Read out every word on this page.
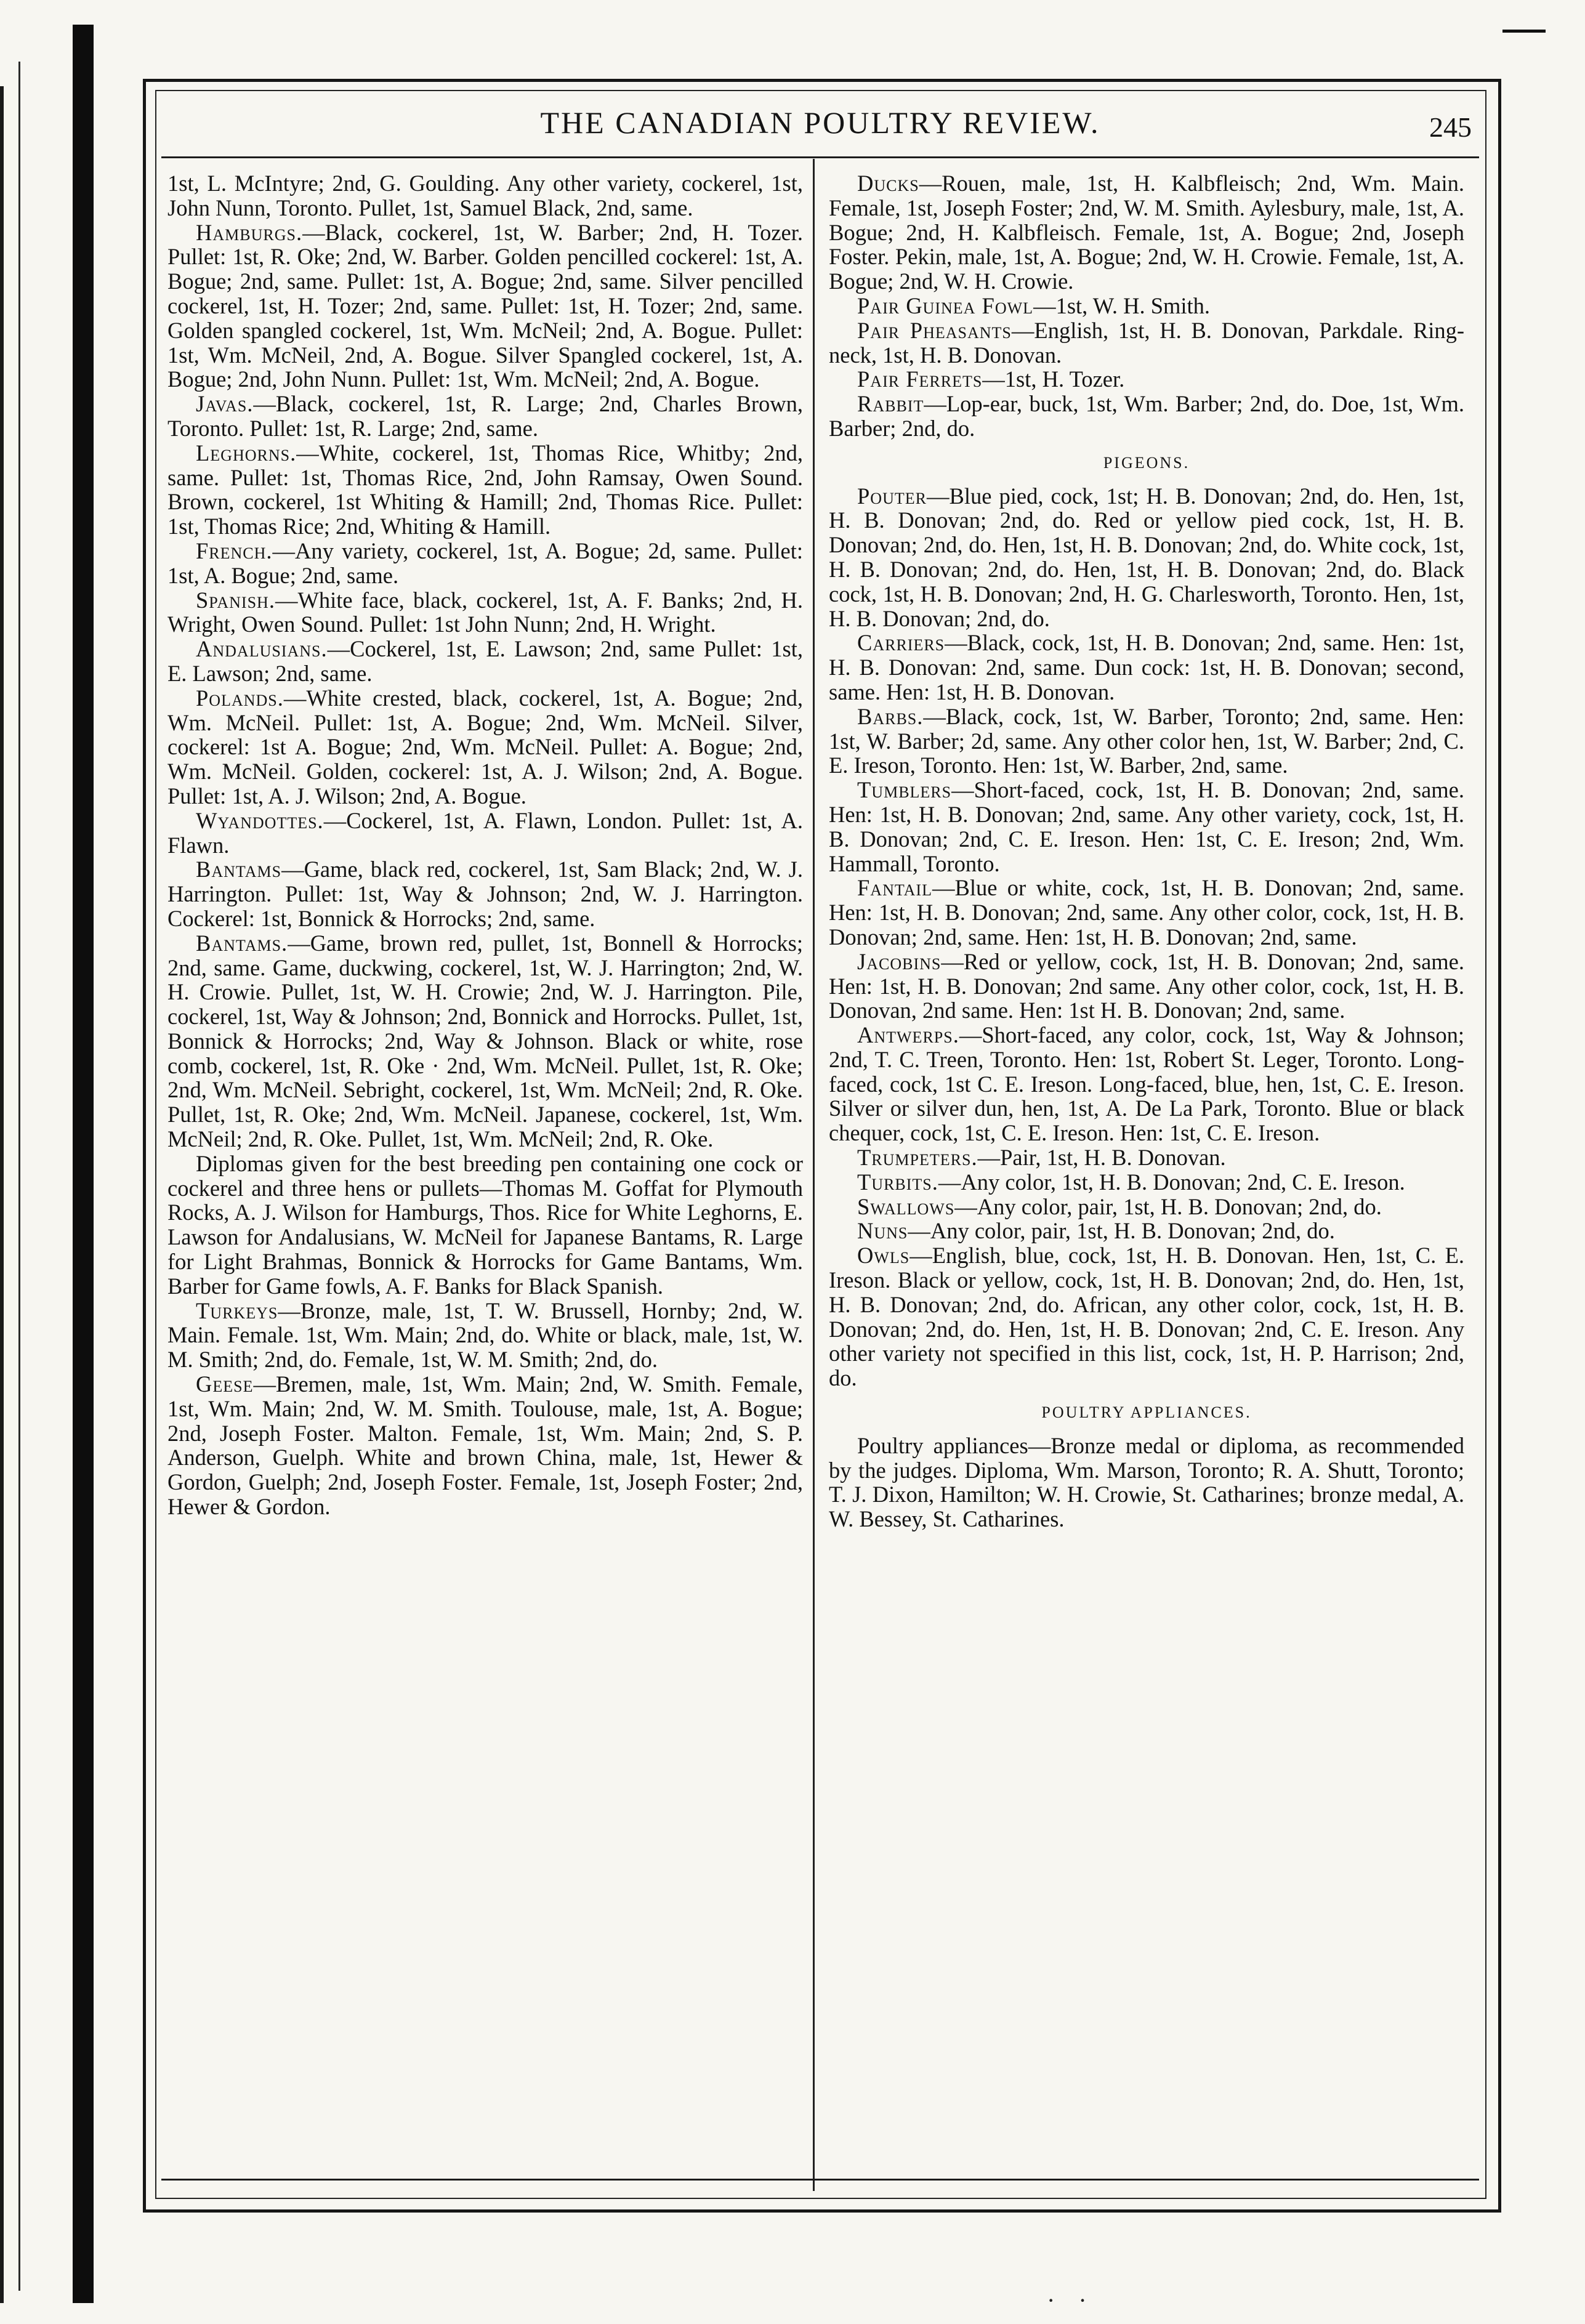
THE CANADIAN POULTRY REVIEW.	245

1st, L. McIntyre; 2nd, G. Goulding. Any other variety, cockerel, 1st, John Nunn, Toronto. Pullet, 1st, Samuel Black, 2nd, same.

Hamburgs.—Black, cockerel, 1st, W. Barber; 2nd, H. Tozer. Pullet: 1st, R. Oke; 2nd, W. Barber. Golden pencilled cockerel: 1st, A. Bogue; 2nd, same. Pullet: 1st, A. Bogue; 2nd, same. Silver pencilled cockerel, 1st, H. Tozer; 2nd, same. Pullet: 1st, H. Tozer; 2nd, same. Golden spangled cockerel, 1st, Wm. McNeil; 2nd, A. Bogue. Pullet: 1st, Wm. McNeil, 2nd, A. Bogue. Silver Spangled cockerel, 1st, A. Bogue; 2nd, John Nunn. Pullet: 1st, Wm. McNeil; 2nd, A. Bogue.

Javas.—Black, cockerel, 1st, R. Large; 2nd, Charles Brown, Toronto. Pullet: 1st, R. Large; 2nd, same.

Leghorns.—White, cockerel, 1st, Thomas Rice, Whitby; 2nd, same. Pullet: 1st, Thomas Rice, 2nd, John Ramsay, Owen Sound. Brown, cockerel, 1st Whiting & Hamill; 2nd, Thomas Rice. Pullet: 1st, Thomas Rice; 2nd, Whiting & Hamill.

French.—Any variety, cockerel, 1st, A. Bogue; 2d, same. Pullet: 1st, A. Bogue; 2nd, same.

Spanish.—White face, black, cockerel, 1st, A. F. Banks; 2nd, H. Wright, Owen Sound. Pullet: 1st John Nunn; 2nd, H. Wright.

Andalusians.—Cockerel, 1st, E. Lawson; 2nd, same Pullet: 1st, E. Lawson; 2nd, same.

Polands.—White crested, black, cockerel, 1st, A. Bogue; 2nd, Wm. McNeil. Pullet: 1st, A. Bogue; 2nd, Wm. McNeil. Silver, cockerel: 1st A. Bogue; 2nd, Wm. McNeil. Pullet: A. Bogue; 2nd, Wm. McNeil. Golden, cockerel: 1st, A. J. Wilson; 2nd, A. Bogue. Pullet: 1st, A. J. Wilson; 2nd, A. Bogue.

Wyandottes.—Cockerel, 1st, A. Flawn, London. Pullet: 1st, A. Flawn.

Bantams—Game, black red, cockerel, 1st, Sam Black; 2nd, W. J. Harrington. Pullet: 1st, Way & Johnson; 2nd, W. J. Harrington. Cockerel: 1st, Bonnick & Horrocks; 2nd, same.

Bantams.—Game, brown red, pullet, 1st, Bonnell & Horrocks; 2nd, same. Game, duckwing, cockerel, 1st, W. J. Harrington; 2nd, W. H. Crowie. Pullet, 1st, W. H. Crowie; 2nd, W. J. Harrington. Pile, cockerel, 1st, Way & Johnson; 2nd, Bonnick and Horrocks. Pullet, 1st, Bonnick & Horrocks; 2nd, Way & Johnson. Black or white, rose comb, cockerel, 1st, R. Oke · 2nd, Wm. McNeil. Pullet, 1st, R. Oke; 2nd, Wm. McNeil. Sebright, cockerel, 1st, Wm. McNeil; 2nd, R. Oke. Pullet, 1st, R. Oke; 2nd, Wm. McNeil. Japanese, cockerel, 1st, Wm. McNeil; 2nd, R. Oke. Pullet, 1st, Wm. McNeil; 2nd, R. Oke.

Diplomas given for the best breeding pen containing one cock or cockerel and three hens or pullets—Thomas M. Goffat for Plymouth Rocks, A. J. Wilson for Hamburgs, Thos. Rice for White Leghorns, E. Lawson for Andalusians, W. McNeil for Japanese Bantams, R. Large for Light Brahmas, Bonnick & Horrocks for Game Bantams, Wm. Barber for Game fowls, A. F. Banks for Black Spanish.

Turkeys—Bronze, male, 1st, T. W. Brussell, Hornby; 2nd, W. Main. Female. 1st, Wm. Main; 2nd, do. White or black, male, 1st, W. M. Smith; 2nd, do. Female, 1st, W. M. Smith; 2nd, do.

Geese—Bremen, male, 1st, Wm. Main; 2nd, W. Smith. Female, 1st, Wm. Main; 2nd, W. M. Smith. Toulouse, male, 1st, A. Bogue; 2nd, Joseph Foster. Malton. Female, 1st, Wm. Main; 2nd, S. P. Anderson, Guelph. White and brown China, male, 1st, Hewer & Gordon, Guelph; 2nd, Joseph Foster. Female, 1st, Joseph Foster; 2nd, Hewer & Gordon.

Ducks—Rouen, male, 1st, H. Kalbfleisch; 2nd, Wm. Main. Female, 1st, Joseph Foster; 2nd, W. M. Smith. Aylesbury, male, 1st, A. Bogue; 2nd, H. Kalbfleisch. Female, 1st, A. Bogue; 2nd, Joseph Foster. Pekin, male, 1st, A. Bogue; 2nd, W. H. Crowie. Female, 1st, A. Bogue; 2nd, W. H. Crowie.

Pair Guinea Fowl—1st, W. H. Smith.

Pair Pheasants—English, 1st, H. B. Donovan, Parkdale. Ring-neck, 1st, H. B. Donovan.

Pair Ferrets—1st, H. Tozer.

Rabbit—Lop-ear, buck, 1st, Wm. Barber; 2nd, do. Doe, 1st, Wm. Barber; 2nd, do.

PIGEONS.

Pouter—Blue pied, cock, 1st; H. B. Donovan; 2nd, do. Hen, 1st, H. B. Donovan; 2nd, do. Red or yellow pied cock, 1st, H. B. Donovan; 2nd, do. Hen, 1st, H. B. Donovan; 2nd, do. White cock, 1st, H. B. Donovan; 2nd, do. Hen, 1st, H. B. Donovan; 2nd, do. Black cock, 1st, H. B. Donovan; 2nd, H. G. Charlesworth, Toronto. Hen, 1st, H. B. Donovan; 2nd, do.

Carriers—Black, cock, 1st, H. B. Donovan; 2nd, same. Hen: 1st, H. B. Donovan: 2nd, same. Dun cock: 1st, H. B. Donovan; second, same. Hen: 1st, H. B. Donovan.

Barbs.—Black, cock, 1st, W. Barber, Toronto; 2nd, same. Hen: 1st, W. Barber; 2d, same. Any other color hen, 1st, W. Barber; 2nd, C. E. Ireson, Toronto. Hen: 1st, W. Barber, 2nd, same.

Tumblers—Short-faced, cock, 1st, H. B. Donovan; 2nd, same. Hen: 1st, H. B. Donovan; 2nd, same. Any other variety, cock, 1st, H. B. Donovan; 2nd, C. E. Ireson. Hen: 1st, C. E. Ireson; 2nd, Wm. Hammall, Toronto.

Fantail—Blue or white, cock, 1st, H. B. Donovan; 2nd, same. Hen: 1st, H. B. Donovan; 2nd, same. Any other color, cock, 1st, H. B. Donovan; 2nd, same. Hen: 1st, H. B. Donovan; 2nd, same.

Jacobins—Red or yellow, cock, 1st, H. B. Donovan; 2nd, same. Hen: 1st, H. B. Donovan; 2nd same. Any other color, cock, 1st, H. B. Donovan, 2nd same. Hen: 1st H. B. Donovan; 2nd, same.

Antwerps.—Short-faced, any color, cock, 1st, Way & Johnson; 2nd, T. C. Treen, Toronto. Hen: 1st, Robert St. Leger, Toronto. Long-faced, cock, 1st C. E. Ireson. Long-faced, blue, hen, 1st, C. E. Ireson. Silver or silver dun, hen, 1st, A. De La Park, Toronto. Blue or black chequer, cock, 1st, C. E. Ireson. Hen: 1st, C. E. Ireson.

Trumpeters.—Pair, 1st, H. B. Donovan.

Turbits.—Any color, 1st, H. B. Donovan; 2nd, C. E. Ireson.

Swallows—Any color, pair, 1st, H. B. Donovan; 2nd, do.

Nuns—Any color, pair, 1st, H. B. Donovan; 2nd, do.

Owls—English, blue, cock, 1st, H. B. Donovan. Hen, 1st, C. E. Ireson. Black or yellow, cock, 1st, H. B. Donovan; 2nd, do. Hen, 1st, H. B. Donovan; 2nd, do. African, any other color, cock, 1st, H. B. Donovan; 2nd, do. Hen, 1st, H. B. Donovan; 2nd, C. E. Ireson. Any other variety not specified in this list, cock, 1st, H. P. Harrison; 2nd, do.

POULTRY APPLIANCES.

Poultry appliances—Bronze medal or diploma, as recommended by the judges. Diploma, Wm. Marson, Toronto; R. A. Shutt, Toronto; T. J. Dixon, Hamilton; W. H. Crowie, St. Catharines; bronze medal, A. W. Bessey, St. Catharines.

· ·
